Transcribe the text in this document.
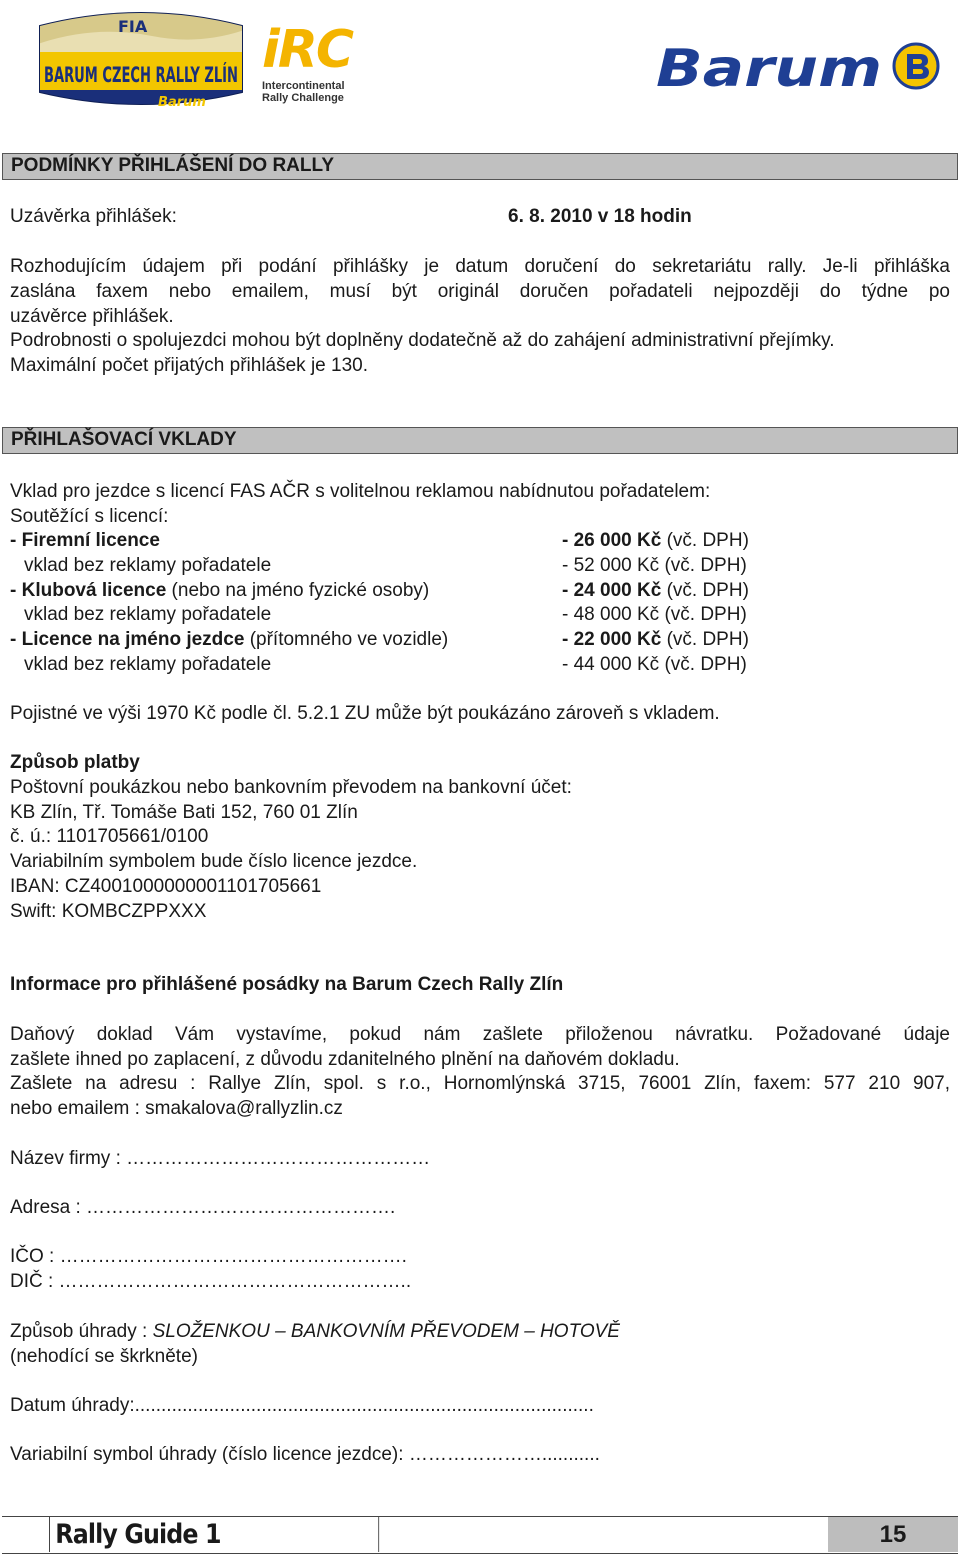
FIA
BARUM CZECH R
Barum
iRC
Intercontinental
Rally Challenge	Barum
PODMÍNKY PŘIHLÁŠENÍ DO RALLY
Uzávěrka přihlášek:	6. 8. 2010 v 18 hodin
Rozhodujícím údajem při podání přihlášky je datum doručení do sekretariátu rally. Je-li přihláška
zaslána faxem nebo emailem, musí být originál doručen pořadateli nejpozději do týdne po
uzávěrce přihlášek.
Podrobnosti o spolujezdci mohou být doplněny dodatečně až do zahájení administrativní přejímky.
Maximální počet přijatých přihlášek je 130.
PŘIHLAŠOVACÍ VKLADY
Vklad pro jezdce s licencí FAS AČR s volitelnou reklamou nabídnutou pořadatelem:
Soutěžící s licencí:
- Firemní licence	- 26 000 Kč (vč. DPH)
vklad bez reklamy pořadatele	- 52 000 Kč (vč. DPH)
- Klubová licence (nebo na jméno fyzické osoby)	- 24 000 Kč (vč. DPH)
vklad bez reklamy pořadatele	- 48 000 Kč (vč. DPH)
- Licence na jméno jezdce (přítomného ve vozidle)	- 22 000 Kč (vč. DPH)
vklad bez reklamy pořadatele	- 44 000 Kč (vč. DPH)
Pojistné ve výši 1970 Kč podle čl. 5.2.1 ZU může být poukázáno zároveň s vkladem.
Způsob platby
Poštovní poukázkou nebo bankovním převodem na bankovní účet:
KB Zlín, Tř. Tomáše Bati 152, 760 01 Zlín
č. ú.: 1101705661/0100
Variabilním symbolem bude číslo licence jezdce.
IBAN: CZ4001000000001101705661
Swift: KOMBCZPPXXX
Informace pro přihlášené posádky na Barum Czech Rally Zlín
Daňový doklad Vám vystavíme, pokud nám zašlete přiloženou návratku. Požadované údaje
zašlete ihned po zaplacení, z důvodu zdanitelného plnění na daňovém dokladu.
Zašlete na adresu : Rallye Zlín, spol. s r.o., Hornomlýnská 3715, 76001 Zlín, faxem: 577 210 907,
nebo emailem : smakalova@rallyzlin.cz
Název firmy : …………………………………………
Adresa : ………………………………………….
IČO : ……………………………………………….
DIČ : ………………………………………………..
Způsob úhrady : SLOŽENKOU – BANKOVNÍM PŘEVODEM – HOTOVĚ
(nehodící se škrkněte)
Datum úhrady:.......................................................................................
Variabilní symbol úhrady (číslo licence jezdce): …………………...........
Rally Guide 1	15
